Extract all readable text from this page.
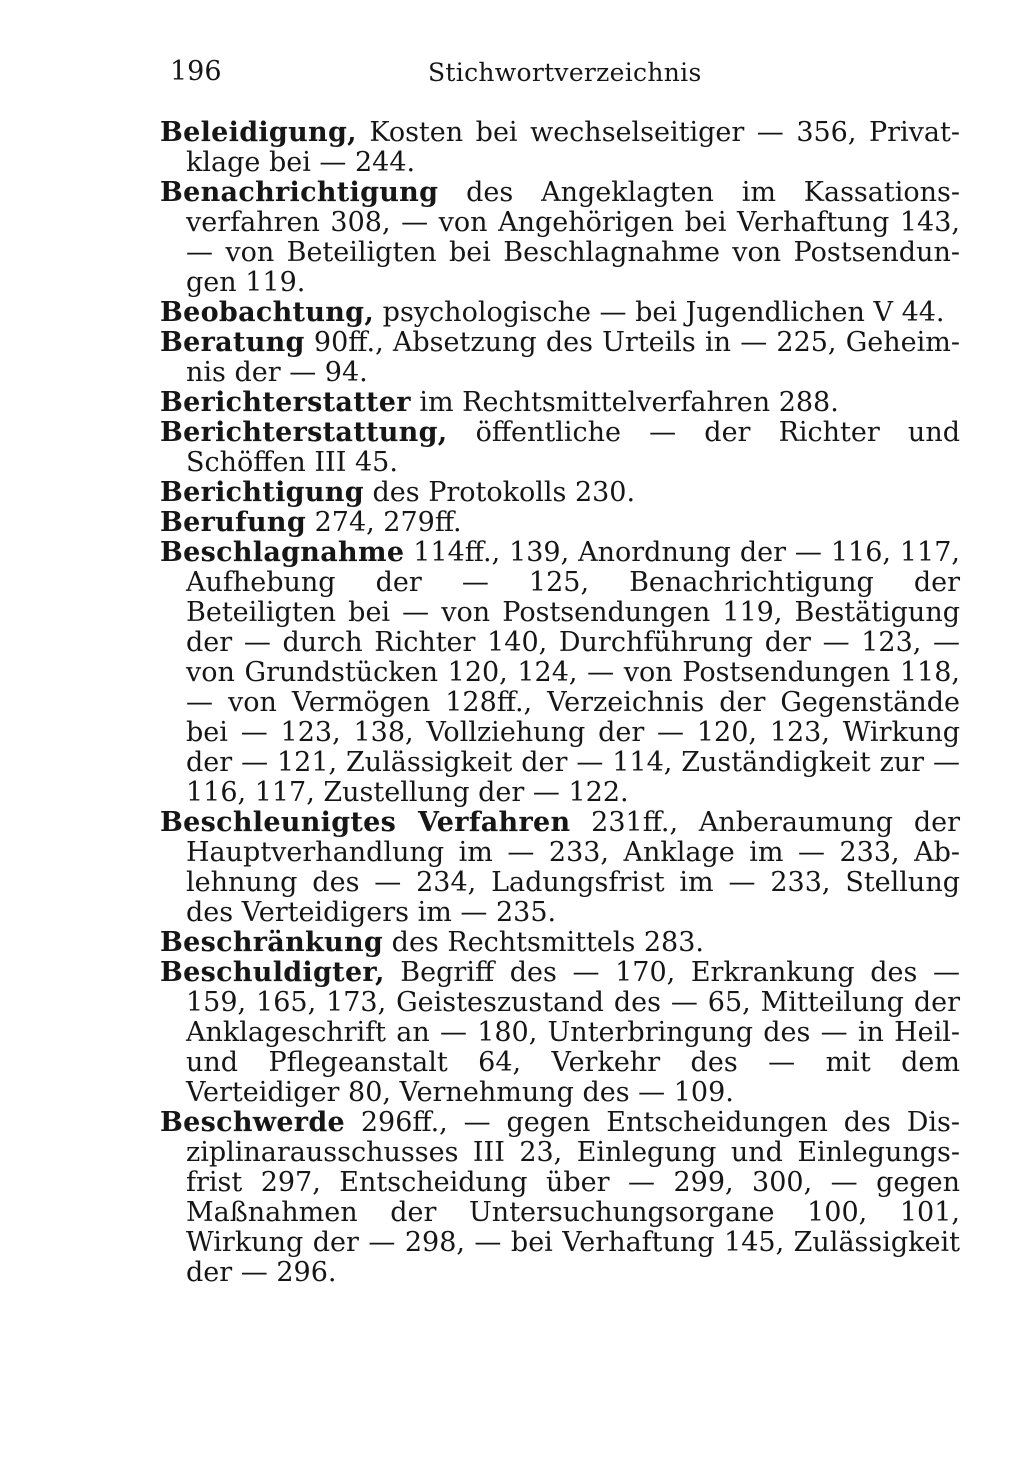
196	Stichwortverzeichnis

Beleidigung, Kosten bei wechselseitiger — 356, Privatklage bei — 244.

Benachrichtigung des Angeklagten im Kassationsverfahren 308, — von Angehörigen bei Verhaftung 143, — von Beteiligten bei Beschlagnahme von Postsendungen 119.

Beobachtung, psychologische — bei Jugendlichen V 44.

Beratung 90ff., Absetzung des Urteils in — 225, Geheimnis der — 94.

Berichterstatter im Rechtsmittelverfahren 288.

Berichterstattung, öffentliche — der Richter und Schöffen III 45.

Berichtigung des Protokolls 230.

Berufung 274, 279ff.

Beschlagnahme 114ff., 139, Anordnung der — 116, 117, Aufhebung der — 125, Benachrichtigung der Beteiligten bei — von Postsendungen 119, Bestätigung der — durch Richter 140, Durchführung der — 123, — von Grundstücken 120, 124, — von Postsendungen 118, — von Vermögen 128ff., Verzeichnis der Gegenstände bei — 123, 138, Vollziehung der — 120, 123, Wirkung der — 121, Zulässigkeit der — 114, Zuständigkeit zur — 116, 117, Zustellung der — 122.

Beschleunigtes Verfahren 231ff., Anberaumung der Hauptverhandlung im — 233, Anklage im — 233, Ablehnung des — 234, Ladungsfrist im — 233, Stellung des Verteidigers im — 235.

Beschränkung des Rechtsmittels 283.

Beschuldigter, Begriff des — 170, Erkrankung des — 159, 165, 173, Geisteszustand des — 65, Mitteilung der Anklageschrift an — 180, Unterbringung des — in Heil- und Pflegeanstalt 64, Verkehr des — mit dem Verteidiger 80, Vernehmung des — 109.

Beschwerde 296ff., — gegen Entscheidungen des Disziplinarausschusses III 23, Einlegung und Einlegungsfrist 297, Entscheidung über — 299, 300, — gegen Maßnahmen der Untersuchungsorgane 100, 101, Wirkung der — 298, — bei Verhaftung 145, Zulässigkeit der — 296.
